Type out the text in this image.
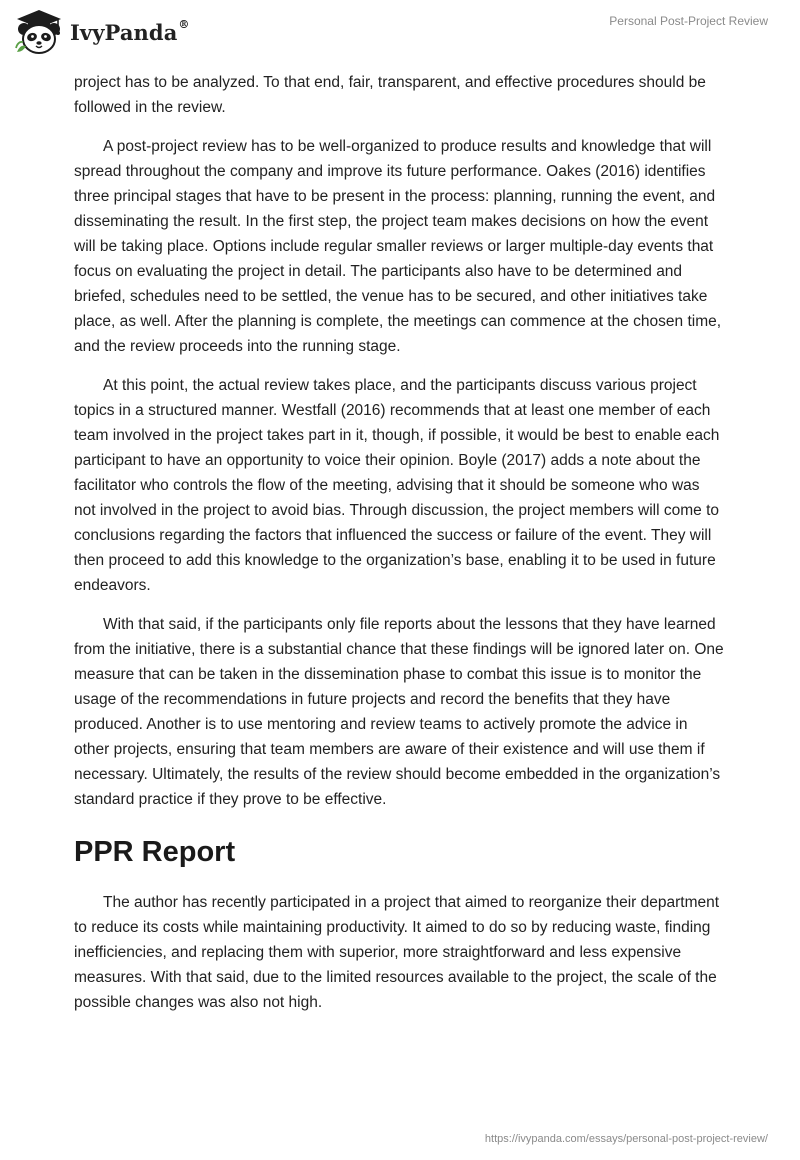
IvyPanda®	Personal Post-Project Review

project has to be analyzed. To that end, fair, transparent, and effective procedures should be followed in the review.

A post-project review has to be well-organized to produce results and knowledge that will spread throughout the company and improve its future performance. Oakes (2016) identifies three principal stages that have to be present in the process: planning, running the event, and disseminating the result. In the first step, the project team makes decisions on how the event will be taking place. Options include regular smaller reviews or larger multiple-day events that focus on evaluating the project in detail. The participants also have to be determined and briefed, schedules need to be settled, the venue has to be secured, and other initiatives take place, as well. After the planning is complete, the meetings can commence at the chosen time, and the review proceeds into the running stage.

At this point, the actual review takes place, and the participants discuss various project topics in a structured manner. Westfall (2016) recommends that at least one member of each team involved in the project takes part in it, though, if possible, it would be best to enable each participant to have an opportunity to voice their opinion. Boyle (2017) adds a note about the facilitator who controls the flow of the meeting, advising that it should be someone who was not involved in the project to avoid bias. Through discussion, the project members will come to conclusions regarding the factors that influenced the success or failure of the event. They will then proceed to add this knowledge to the organization’s base, enabling it to be used in future endeavors.

With that said, if the participants only file reports about the lessons that they have learned from the initiative, there is a substantial chance that these findings will be ignored later on. One measure that can be taken in the dissemination phase to combat this issue is to monitor the usage of the recommendations in future projects and record the benefits that they have produced. Another is to use mentoring and review teams to actively promote the advice in other projects, ensuring that team members are aware of their existence and will use them if necessary. Ultimately, the results of the review should become embedded in the organization’s standard practice if they prove to be effective.

PPR Report

The author has recently participated in a project that aimed to reorganize their department to reduce its costs while maintaining productivity. It aimed to do so by reducing waste, finding inefficiencies, and replacing them with superior, more straightforward and less expensive measures. With that said, due to the limited resources available to the project, the scale of the possible changes was also not high.

https://ivypanda.com/essays/personal-post-project-review/
